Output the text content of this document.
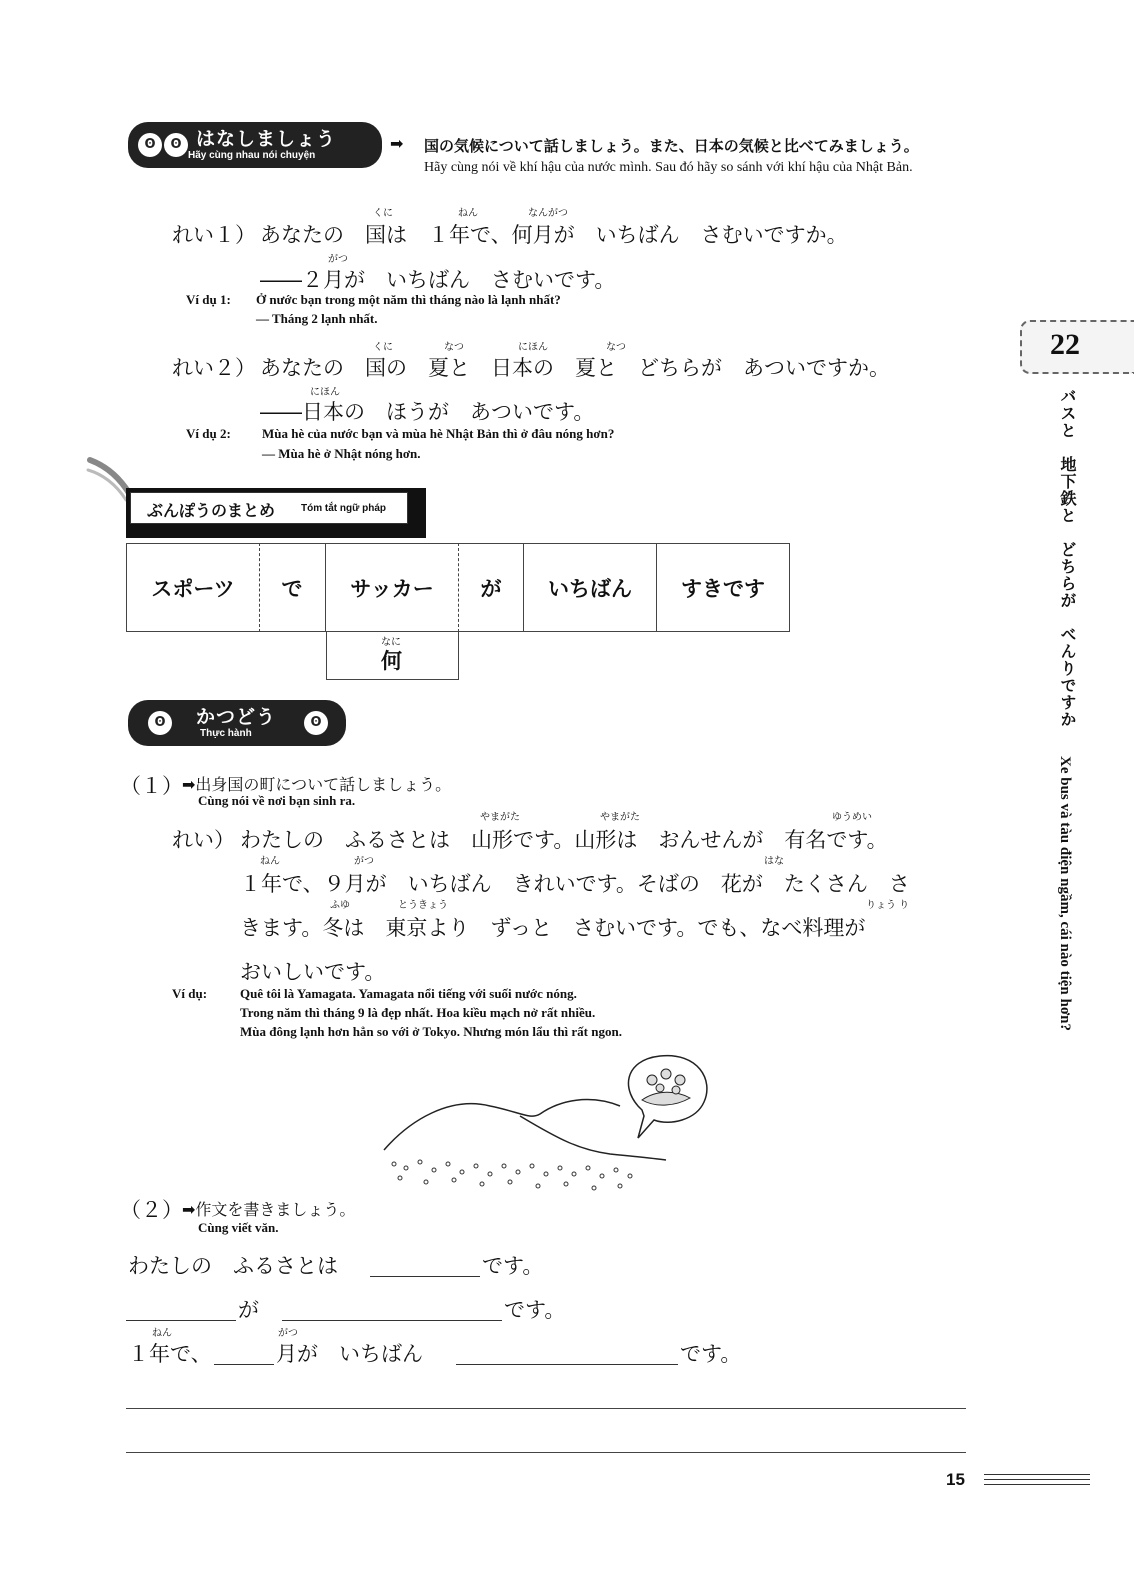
ʘ	ʘ はなしましょう
Hãy cùng nhau nói chuyện
➡ 国の気候について話しましょう。また、日本の気候と比べてみましょう。
Hãy cùng nói về khí hậu của nước mình. Sau đó hãy so sánh với khí hậu của Nhật Bản.
くに	ねん	なんがつ
れい１） あなたの　国は　１年で、何月が　いちばん　さむいですか。
がつ
――２月が　いちばん　さむいです。
Ví dụ 1: Ở nước bạn trong một năm thì tháng nào là lạnh nhất?
— Tháng 2 lạnh nhất.
くに	なつ	にほん	なつ
れい２） あなたの　国の　夏と　日本の　夏と　どちらが　あついですか。
にほん
――日本の　ほうが　あついです。
Ví dụ 2: Mùa hè của nước bạn và mùa hè Nhật Bản thì ở đâu nóng hơn?
— Mùa hè ở Nhật nóng hơn.
22
バスと　地下鉄と　どちらが　べんりですか
Xe bus và tàu điện ngầm, cái nào tiện hơn?
ぶんぽうのまとめ	Tóm tắt ngữ pháp
スポーツ	で	サッカー	が	いちばん	すきです
なに
何
ʘ	かつどう
Thực hành
ʘ
（１） ➡出身国の町について話しましょう。
Cùng nói về nơi bạn sinh ra.
やまがた	やまがた	ゆうめい
れい） わたしの　ふるさとは　山形です。山形は　おんせんが　有名です。
ねん	がつ	はな
１年で、９月が　いちばん　きれいです。そばの　花が　たくさん　さ
ふゆ	とうきょう	りょう り
きます。冬は　東京より　ずっと　さむいです。でも、なべ料理が
おいしいです。
Ví dụ:	Quê tôi là Yamagata. Yamagata nổi tiếng với suối nước nóng.
Trong năm thì tháng 9 là đẹp nhất. Hoa kiều mạch nở rất nhiều.
Mùa đông lạnh hơn hẳn so với ở Tokyo. Nhưng món lẩu thì rất ngon.
（２） ➡作文を書きましょう。
Cùng viết văn.
わたしの　ふるさとは	です。
が	です。
ねん	がつ
１年で、	月が　いちばん	です。
15
